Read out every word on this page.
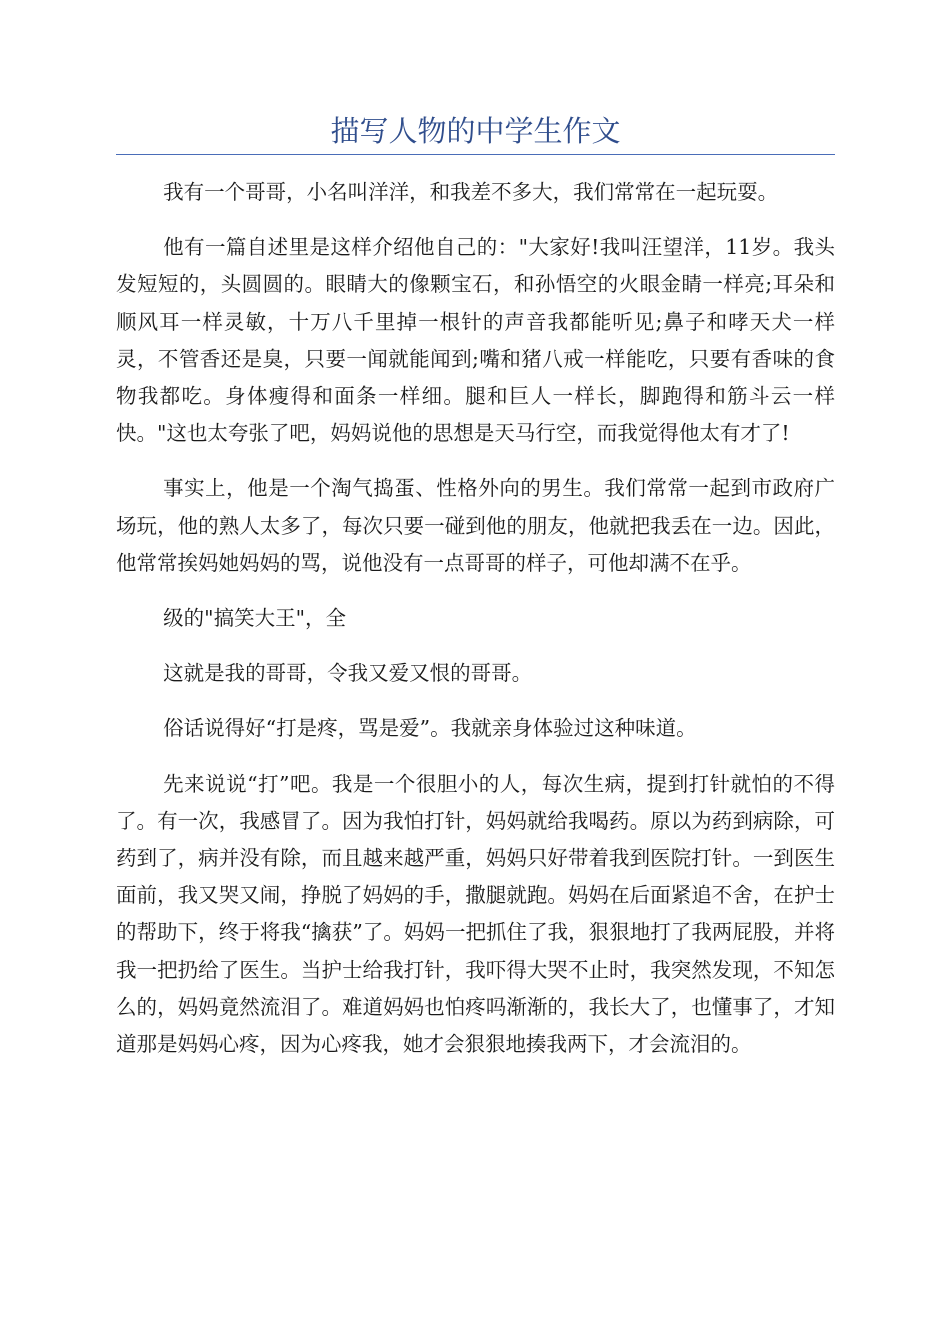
描写人物的中学生作文

我有一个哥哥，小名叫洋洋，和我差不多大，我们常常在一起玩耍。

他有一篇自述里是这样介绍他自己的："大家好!我叫汪望洋，11岁。我头发短短的，头圆圆的。眼睛大的像颗宝石，和孙悟空的火眼金睛一样亮;耳朵和顺风耳一样灵敏，十万八千里掉一根针的声音我都能听见;鼻子和哮天犬一样灵，不管香还是臭，只要一闻就能闻到;嘴和猪八戒一样能吃，只要有香味的食物我都吃。身体瘦得和面条一样细。腿和巨人一样长，脚跑得和筋斗云一样快。"这也太夸张了吧，妈妈说他的思想是天马行空，而我觉得他太有才了!

事实上，他是一个淘气捣蛋、性格外向的男生。我们常常一起到市政府广场玩，他的熟人太多了，每次只要一碰到他的朋友，他就把我丢在一边。因此，他常常挨妈她妈妈的骂，说他没有一点哥哥的样子，可他却满不在乎。

级的"搞笑大王"，全

这就是我的哥哥，令我又爱又恨的哥哥。

俗话说得好“打是疼，骂是爱”。我就亲身体验过这种味道。

先来说说“打”吧。我是一个很胆小的人，每次生病，提到打针就怕的不得了。有一次，我感冒了。因为我怕打针，妈妈就给我喝药。原以为药到病除，可药到了，病并没有除，而且越来越严重，妈妈只好带着我到医院打针。一到医生面前，我又哭又闹，挣脱了妈妈的手，撒腿就跑。妈妈在后面紧追不舍，在护士的帮助下，终于将我“擒获”了。妈妈一把抓住了我，狠狠地打了我两屁股，并将我一把扔给了医生。当护士给我打针，我吓得大哭不止时，我突然发现，不知怎么的，妈妈竟然流泪了。难道妈妈也怕疼吗渐渐的，我长大了，也懂事了，才知道那是妈妈心疼，因为心疼我，她才会狠狠地揍我两下，才会流泪的。
